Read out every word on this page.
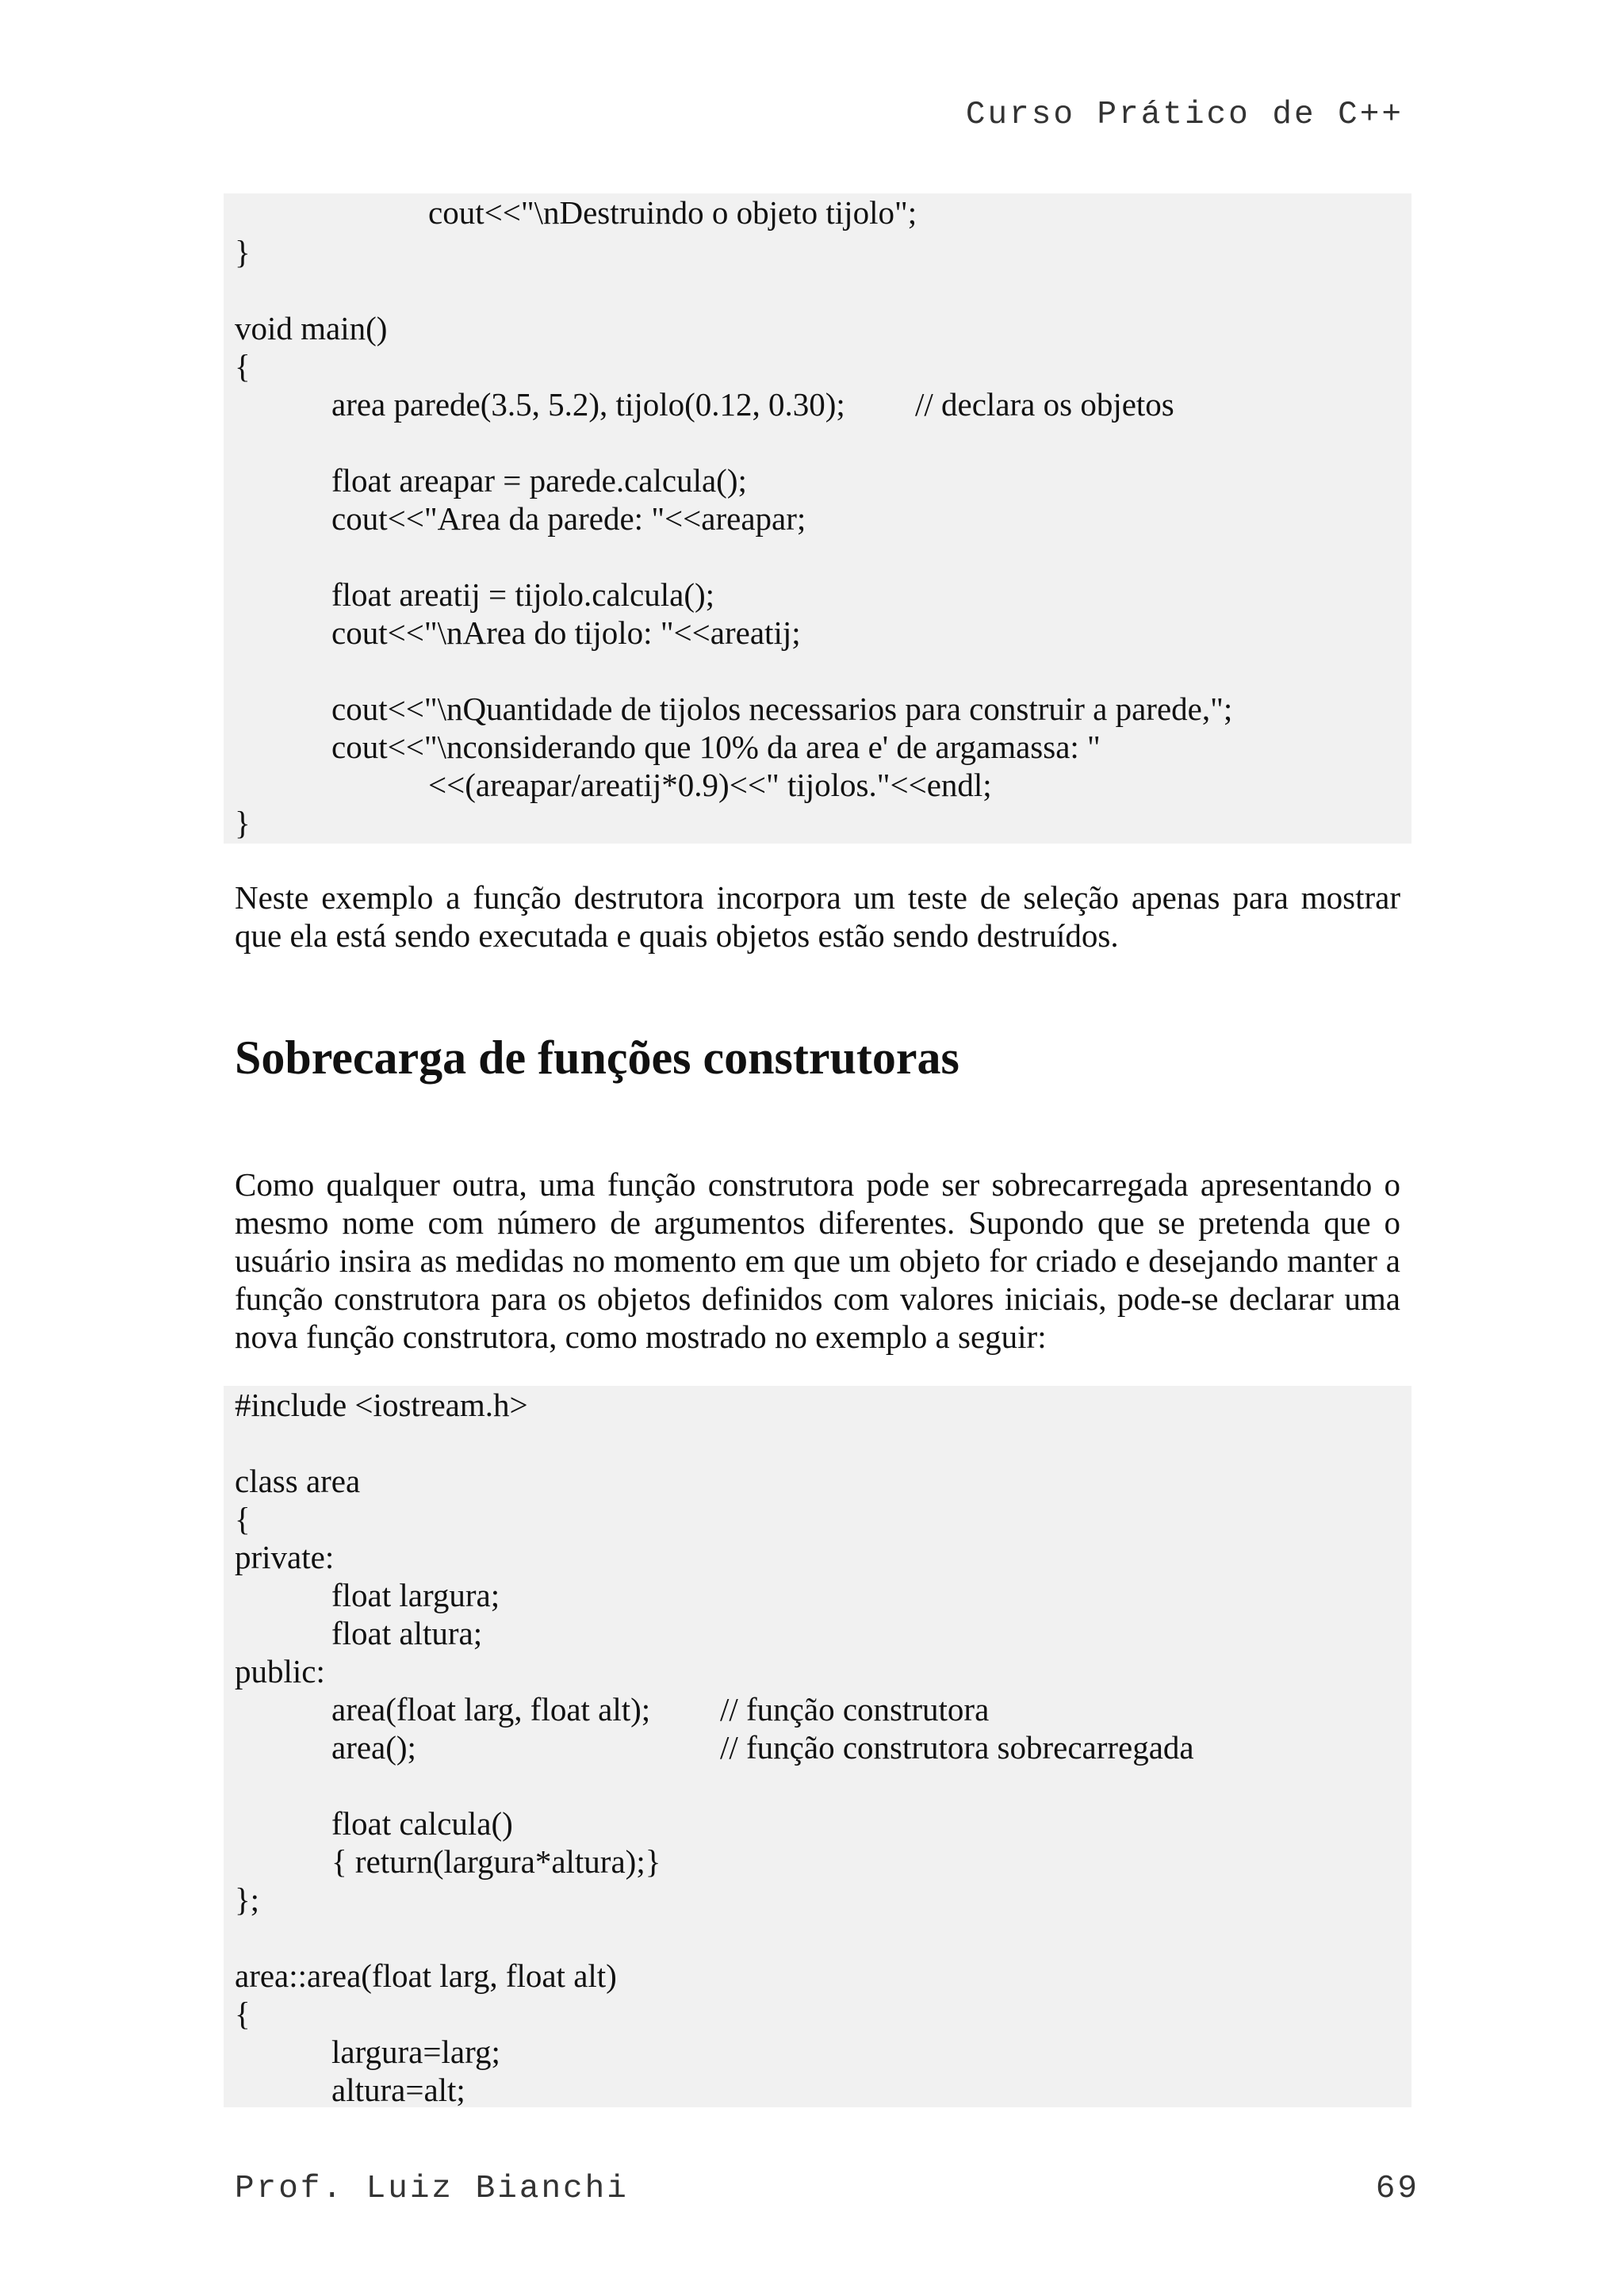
Curso Prático de C++
cout<<"\nDestruindo o objeto tijolo";
}
void main()
{
area parede(3.5, 5.2), tijolo(0.12, 0.30); // declara os objetos
float areapar = parede.calcula();
cout<<"Area da parede: "<<areapar;
float areatij = tijolo.calcula();
cout<<"\nArea do tijolo: "<<areatij;
cout<<"\nQuantidade de tijolos necessarios para construir a parede,";
cout<<"\nconsiderando que 10% da area e' de argamassa: "
<<(areapar/areatij*0.9)<<" tijolos."<<endl;
}
Neste exemplo a função destrutora incorpora um teste de seleção apenas para mostrar que ela está sendo executada e quais objetos estão sendo destruídos.
Sobrecarga de funções construtoras
Como qualquer outra, uma função construtora pode ser sobrecarregada apresentando o mesmo nome com número de argumentos diferentes. Supondo que se pretenda que o usuário insira as medidas no momento em que um objeto for criado e desejando manter a função construtora para os objetos definidos com valores iniciais, pode-se declarar uma nova função construtora, como mostrado no exemplo a seguir:
#include <iostream.h>
class area
{
private:
float largura;
float altura;
public:
area(float larg, float alt); // função construtora
area();	// função construtora sobrecarregada
float calcula()
{ return(largura*altura);}
};
area::area(float larg, float alt)
{
largura=larg;
altura=alt;
Prof. Luiz Bianchi	69
